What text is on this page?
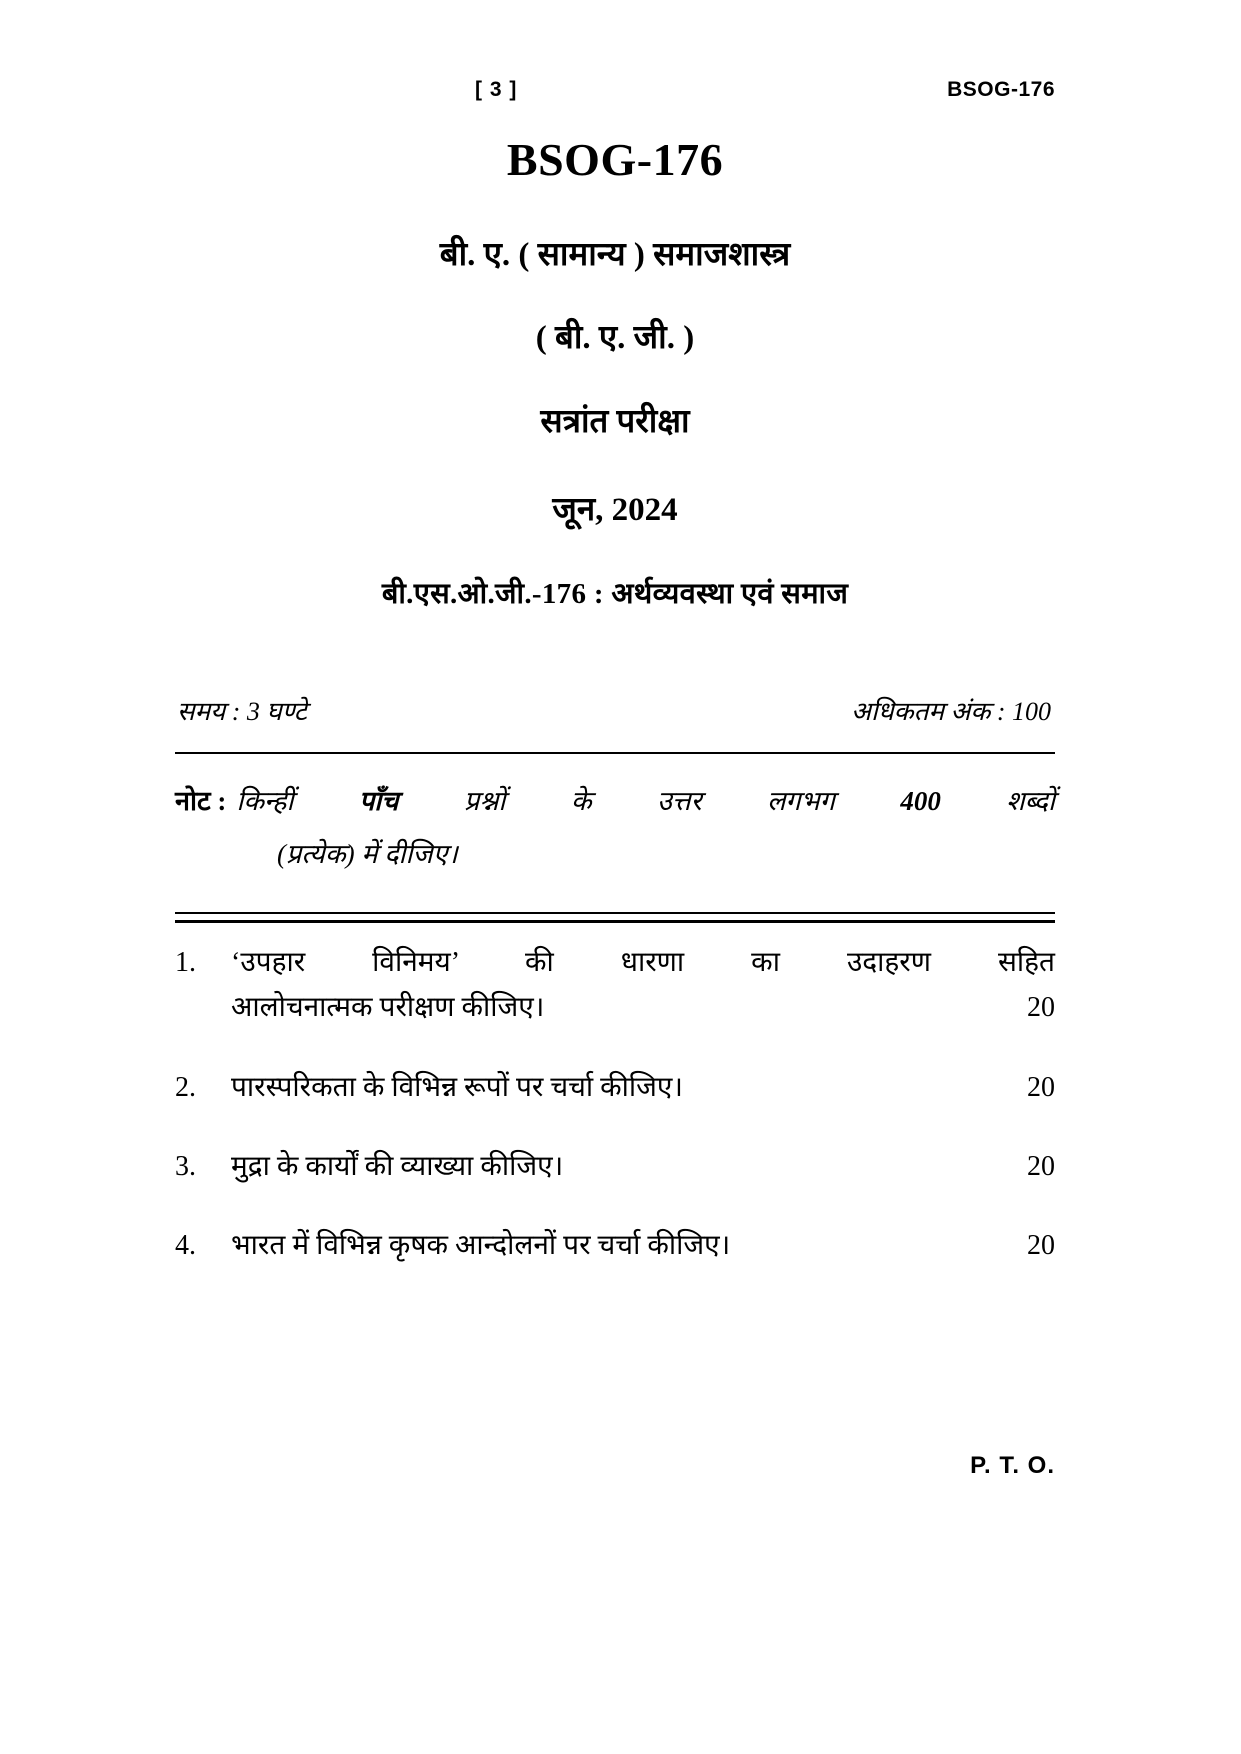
[ 3 ]	BSOG-176
BSOG-176
बी. ए. ( सामान्य ) समाजशास्त्र
( बी. ए. जी. )
सत्रांत परीक्षा
जून, 2024
बी.एस.ओ.जी.-176 : अर्थव्यवस्था एवं समाज
समय : 3 घण्टे	अधिकतम अंक : 100
नोट : किन्हीं पाँच प्रश्नों के उत्तर लगभग 400 शब्दों
(प्रत्येक) में दीजिए।
1.	‘उपहार विनिमय’ की धारणा का उदाहरण सहित
आलोचनात्मक परीक्षण कीजिए।	20
2.	पारस्परिकता के विभिन्न रूपों पर चर्चा कीजिए।	20
3.	मुद्रा के कार्यों की व्याख्या कीजिए।	20
4.	भारत में विभिन्न कृषक आन्दोलनों पर चर्चा कीजिए।	20
P. T. O.
